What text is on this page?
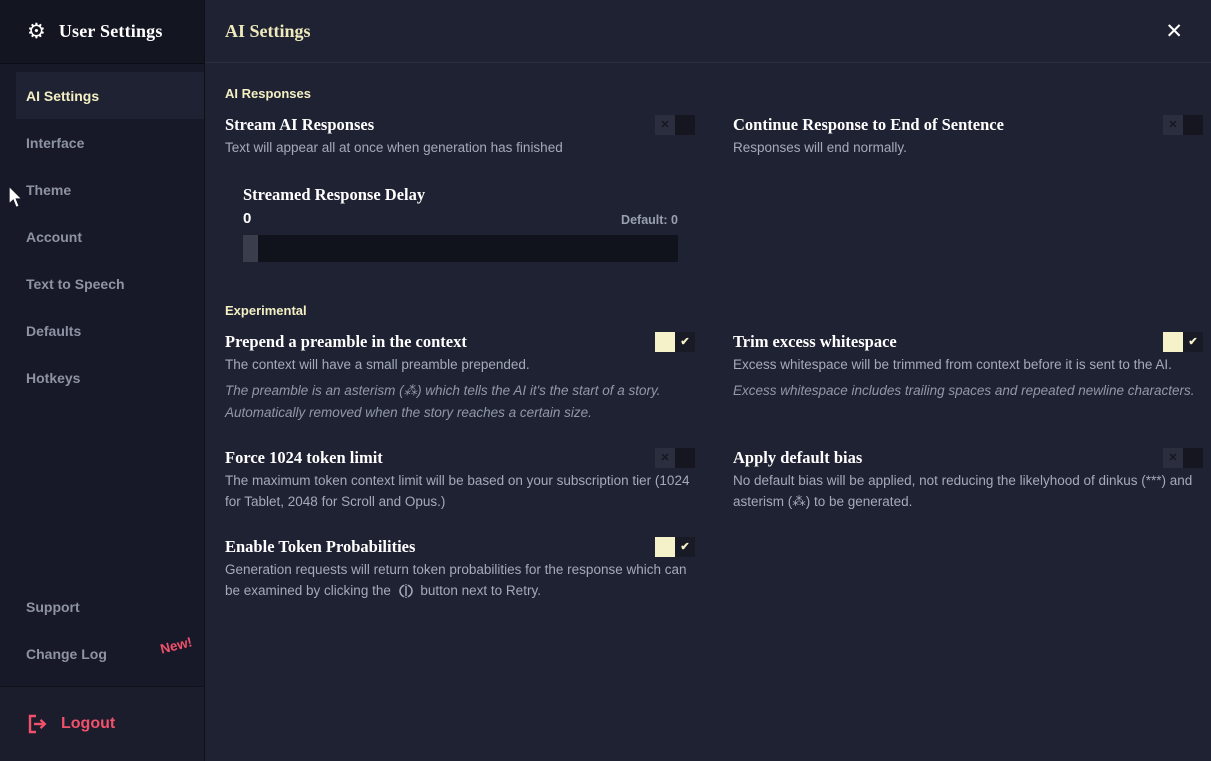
⚙ User Settings
AI Settings
Interface
Theme
Account
Text to Speech
Defaults
Hotkeys
Support
Change Log	New!
Logout
AI Settings	✕
AI Responses
Stream AI Responses	✕
Text will appear all at once when generation has finished
Streamed Response Delay
0	Default: 0
Continue Response to End of Sentence	✕
Responses will end normally.
Experimental
Prepend a preamble in the context	✔
The context will have a small preamble prepended.
The preamble is an asterism (⁂) which tells the AI it's the start of a story. Automatically removed when the story reaches a certain size.
Trim excess whitespace	✔
Excess whitespace will be trimmed from context before it is sent to the AI.
Excess whitespace includes trailing spaces and repeated newline characters.
Force 1024 token limit	✕
The maximum token context limit will be based on your subscription tier (1024 for Tablet, 2048 for Scroll and Opus.)
Apply default bias	✕
No default bias will be applied, not reducing the likelyhood of dinkus (***) and asterism (⁂) to be generated.
Enable Token Probabilities	✔
Generation requests will return token probabilities for the response which can be examined by clicking the button next to Retry.
